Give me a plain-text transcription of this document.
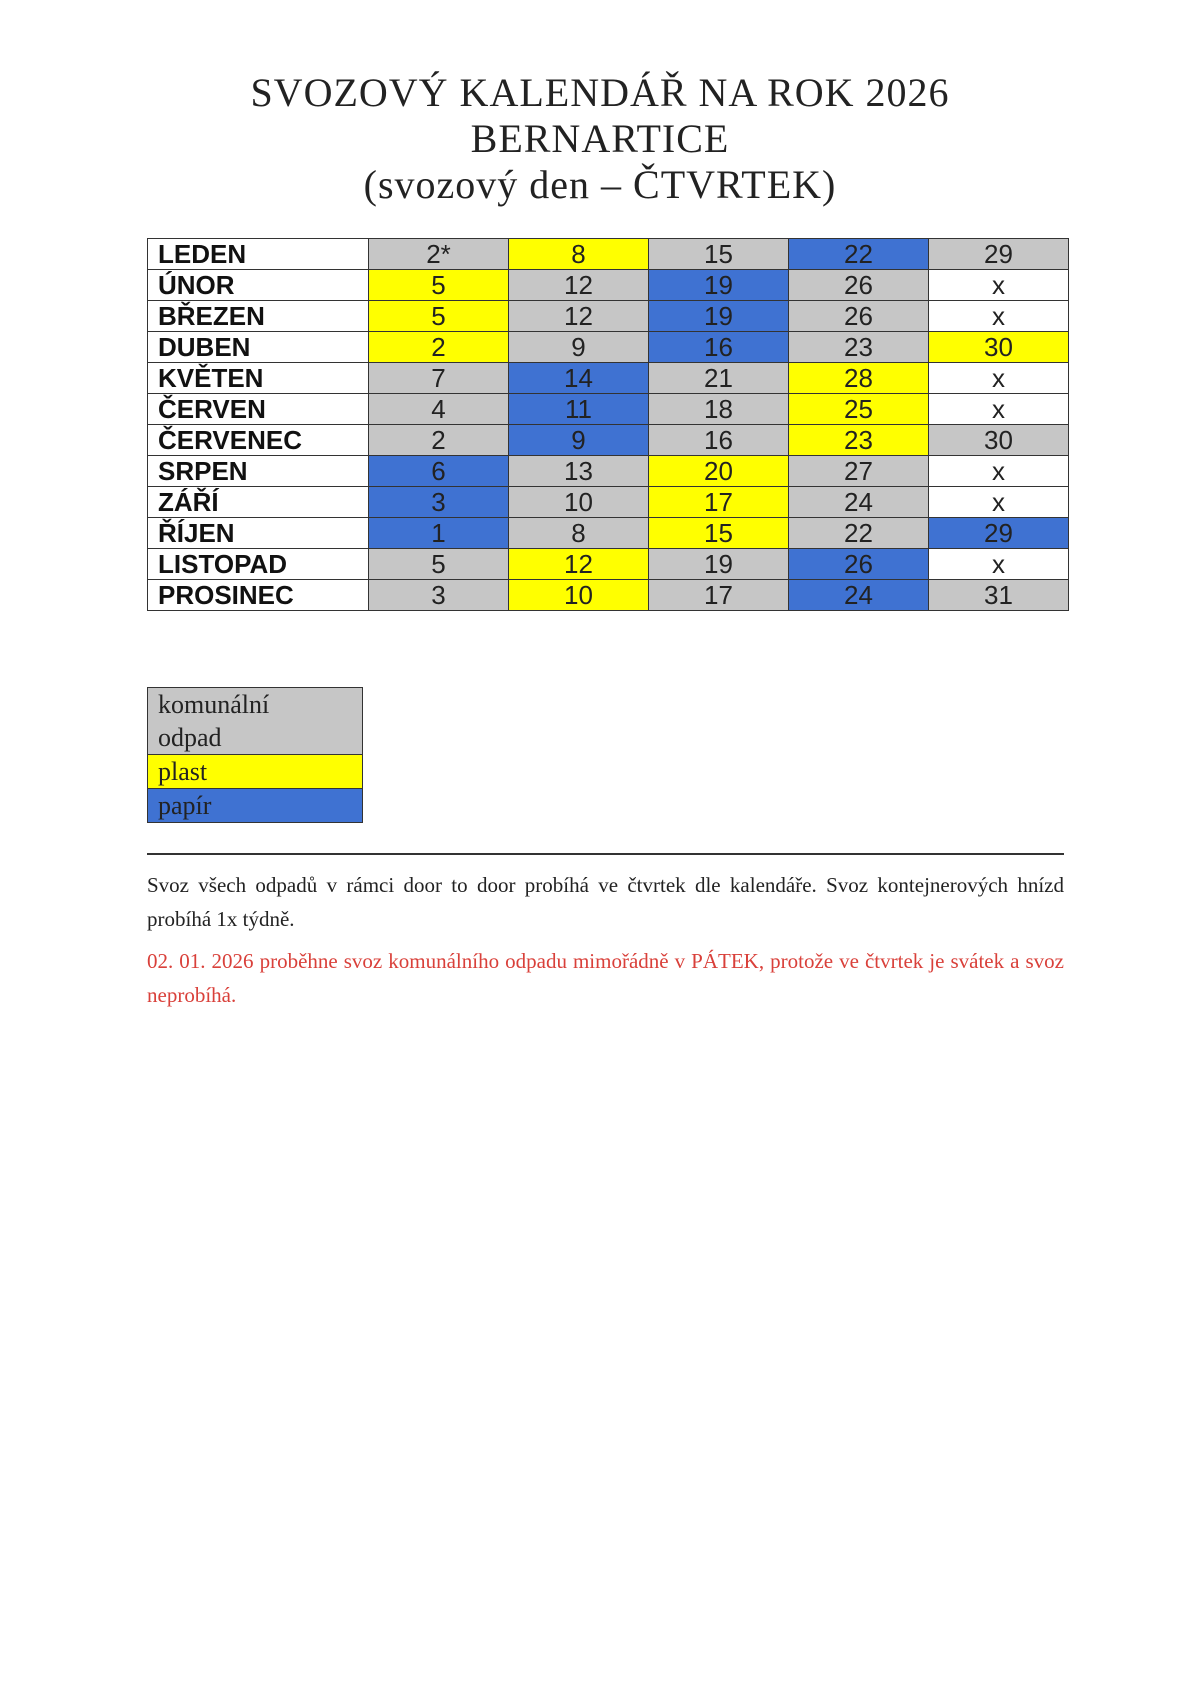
SVOZOVÝ KALENDÁŘ NA ROK 2026
BERNARTICE
(svozový den – ČTVRTEK)
LEDEN	2*	8	15	22	29
ÚNOR	5	12	19	26	x
BŘEZEN	5	12	19	26	x
DUBEN	2	9	16	23	30
KVĚTEN	7	14	21	28	x
ČERVEN	4	11	18	25	x
ČERVENEC	2	9	16	23	30
SRPEN	6	13	20	27	x
ZÁŘÍ	3	10	17	24	x
ŘÍJEN	1	8	15	22	29
LISTOPAD	5	12	19	26	x
PROSINEC	3	10	17	24	31
komunální
odpad
plast
papír
Svoz všech odpadů v rámci door to door probíhá ve čtvrtek dle kalendáře. Svoz kontejnerových hnízd probíhá 1x týdně.
02. 01. 2026 proběhne svoz komunálního odpadu mimořádně v PÁTEK, protože ve čtvrtek je svátek a svoz neprobíhá.
